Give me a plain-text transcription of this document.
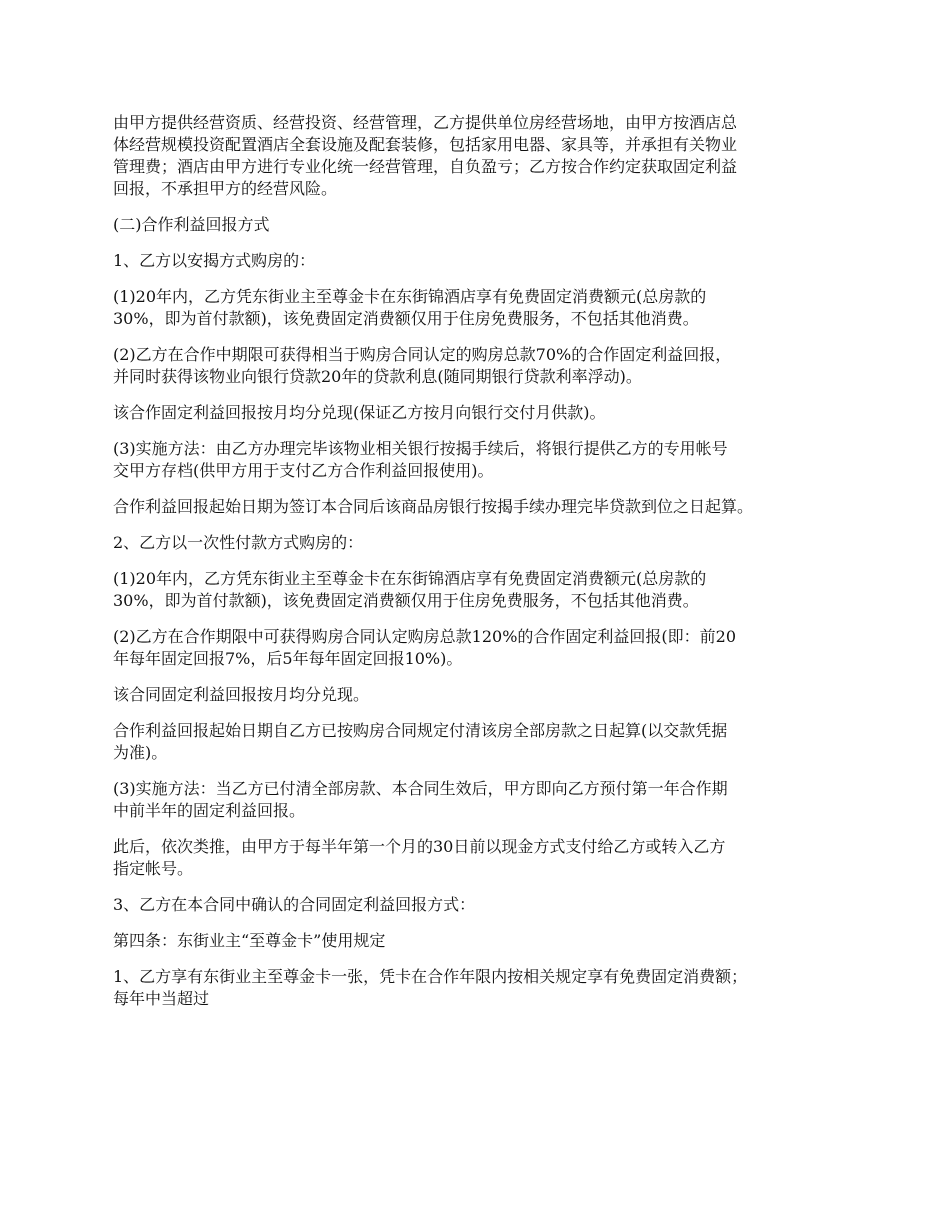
由甲方提供经营资质、经营投资、经营管理，乙方提供单位房经营场地，由甲方按酒店总
体经营规模投资配置酒店全套设施及配套装修，包括家用电器、家具等，并承担有关物业
管理费；酒店由甲方进行专业化统一经营管理，自负盈亏；乙方按合作约定获取固定利益
回报，不承担甲方的经营风险。

(二)合作利益回报方式

1、乙方以安揭方式购房的：

(1)20年内，乙方凭东街业主至尊金卡在东街锦酒店享有免费固定消费额元(总房款的
30%，即为首付款额)，该免费固定消费额仅用于住房免费服务，不包括其他消费。

(2)乙方在合作中期限可获得相当于购房合同认定的购房总款70%的合作固定利益回报，
并同时获得该物业向银行贷款20年的贷款利息(随同期银行贷款利率浮动)。

该合作固定利益回报按月均分兑现(保证乙方按月向银行交付月供款)。

(3)实施方法：由乙方办理完毕该物业相关银行按揭手续后，将银行提供乙方的专用帐号
交甲方存档(供甲方用于支付乙方合作利益回报使用)。

合作利益回报起始日期为签订本合同后该商品房银行按揭手续办理完毕贷款到位之日起算。

2、乙方以一次性付款方式购房的：

(1)20年内，乙方凭东街业主至尊金卡在东街锦酒店享有免费固定消费额元(总房款的
30%，即为首付款额)，该免费固定消费额仅用于住房免费服务，不包括其他消费。

(2)乙方在合作期限中可获得购房合同认定购房总款120%的合作固定利益回报(即：前20
年每年固定回报7%，后5年每年固定回报10%)。

该合同固定利益回报按月均分兑现。

合作利益回报起始日期自乙方已按购房合同规定付清该房全部房款之日起算(以交款凭据
为准)。

(3)实施方法：当乙方已付清全部房款、本合同生效后，甲方即向乙方预付第一年合作期
中前半年的固定利益回报。

此后，依次类推，由甲方于每半年第一个月的30日前以现金方式支付给乙方或转入乙方
指定帐号。

3、乙方在本合同中确认的合同固定利益回报方式：

第四条：东街业主“至尊金卡”使用规定

1、乙方享有东街业主至尊金卡一张，凭卡在合作年限内按相关规定享有免费固定消费额；
每年中当超过
